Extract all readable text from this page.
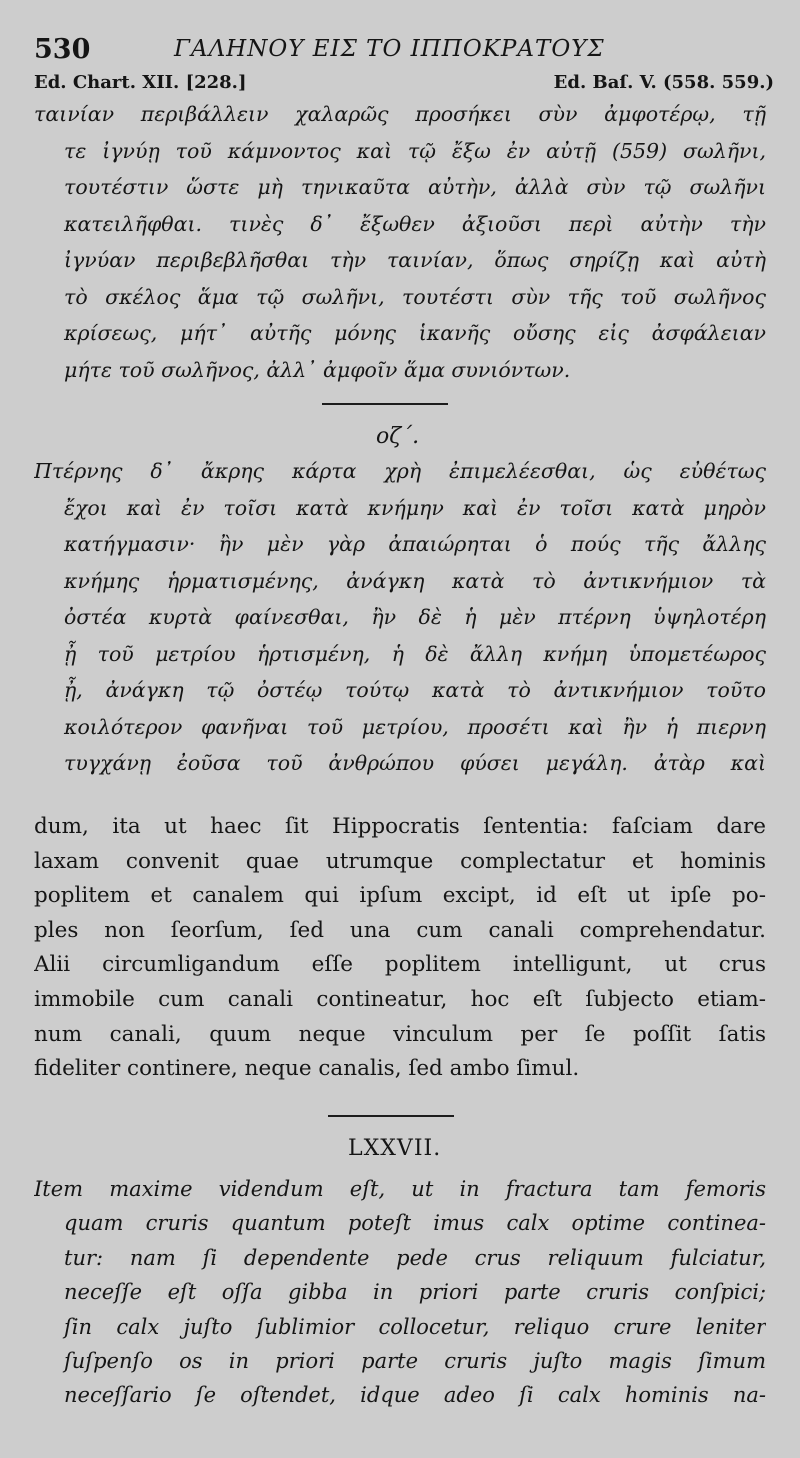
530	ΓΑΛΗΝΟΥ ΕΙΣ ΤΟ ΙΠΠΟΚΡΑΤΟΥΣ
Ed. Chart. XII. [228.]	Ed. Baſ. V. (558. 559.)
ταινίαν περιβάλλειν χαλαρῶς προσήκει σὺν ἀμφοτέρῳ, τῇ
τε ἰγνύῃ τοῦ κάμνοντος καὶ τῷ ἔξω ἐν αὐτῇ (559) σωλῆνι,
τουτέστιν ὥστε μὴ τηνικαῦτα αὐτὴν, ἀλλὰ σὺν τῷ σωλῆνι
κατειλῆφθαι. τινὲς δ᾽ ἔξωθεν ἀξιοῦσι περὶ αὐτὴν τὴν
ἰγνύαν περιβεβλῆσθαι τὴν ταινίαν, ὅπως σηρίζῃ καὶ αὐτὴ
τὸ σκέλος ἅμα τῷ σωλῆνι, τουτέστι σὺν τῆς τοῦ σωλῆνος
κρίσεως, μήτ᾽ αὐτῆς μόνης ἱκανῆς οὔσης εἰς ἀσφάλειαν
μήτε τοῦ σωλῆνος, ἀλλ᾽ ἀμφοῖν ἅμα συνιόντων.
οζ΄.
Πτέρνης δ᾽ ἄκρης κάρτα χρὴ ἐπιμελέεσθαι, ὡς εὐθέτως
ἔχοι καὶ ἐν τοῖσι κατὰ κνήμην καὶ ἐν τοῖσι κατὰ μηρὸν
κατήγμασιν· ἢν μὲν γὰρ ἀπαιώρηται ὁ πούς τῆς ἄλλης
κνήμης ἡρματισμένης, ἀνάγκη κατὰ τὸ ἀντικνήμιον τὰ
ὀστέα κυρτὰ φαίνεσθαι, ἢν δὲ ἡ μὲν πτέρνη ὑψηλοτέρη
ᾖ τοῦ μετρίου ἡρτισμένη, ἡ δὲ ἄλλη κνήμη ὑπομετέωρος
ᾖ, ἀνάγκη τῷ ὀστέῳ τούτῳ κατὰ τὸ ἀντικνήμιον τοῦτο
κοιλότερον φανῆναι τοῦ μετρίου, προσέτι καὶ ἢν ἡ πιερνη
τυγχάνῃ ἐοῦσα τοῦ ἀνθρώπου φύσει μεγάλη. ἀτὰρ καὶ
dum, ita ut haec ſit Hippocratis ſententia: faſciam dare
laxam convenit quae utrumque complectatur et hominis
poplitem et canalem qui ipſum excipt, id eſt ut ipſe po-
ples non ſeorſum, ſed una cum canali comprehendatur.
Alii circumligandum eſſe poplitem intelligunt, ut crus
immobile cum canali contineatur, hoc eſt ſubjecto etiam-
num canali, quum neque vinculum per ſe poſſit ſatis
fideliter continere, neque canalis, ſed ambo ſimul.
LXXVII.
Item maxime videndum eſt, ut in fractura tam femoris
quam cruris quantum poteſt imus calx optime continea-
tur: nam ſi dependente pede crus reliquum fulciatur,
neceſſe eſt oſſa gibba in priori parte cruris conſpici;
ſin calx juſto ſublimior collocetur, reliquo crure leniter
ſuſpenſo os in priori parte cruris juſto magis ſimum
neceſſario ſe oſtendet, idque adeo ſi calx hominis na-
